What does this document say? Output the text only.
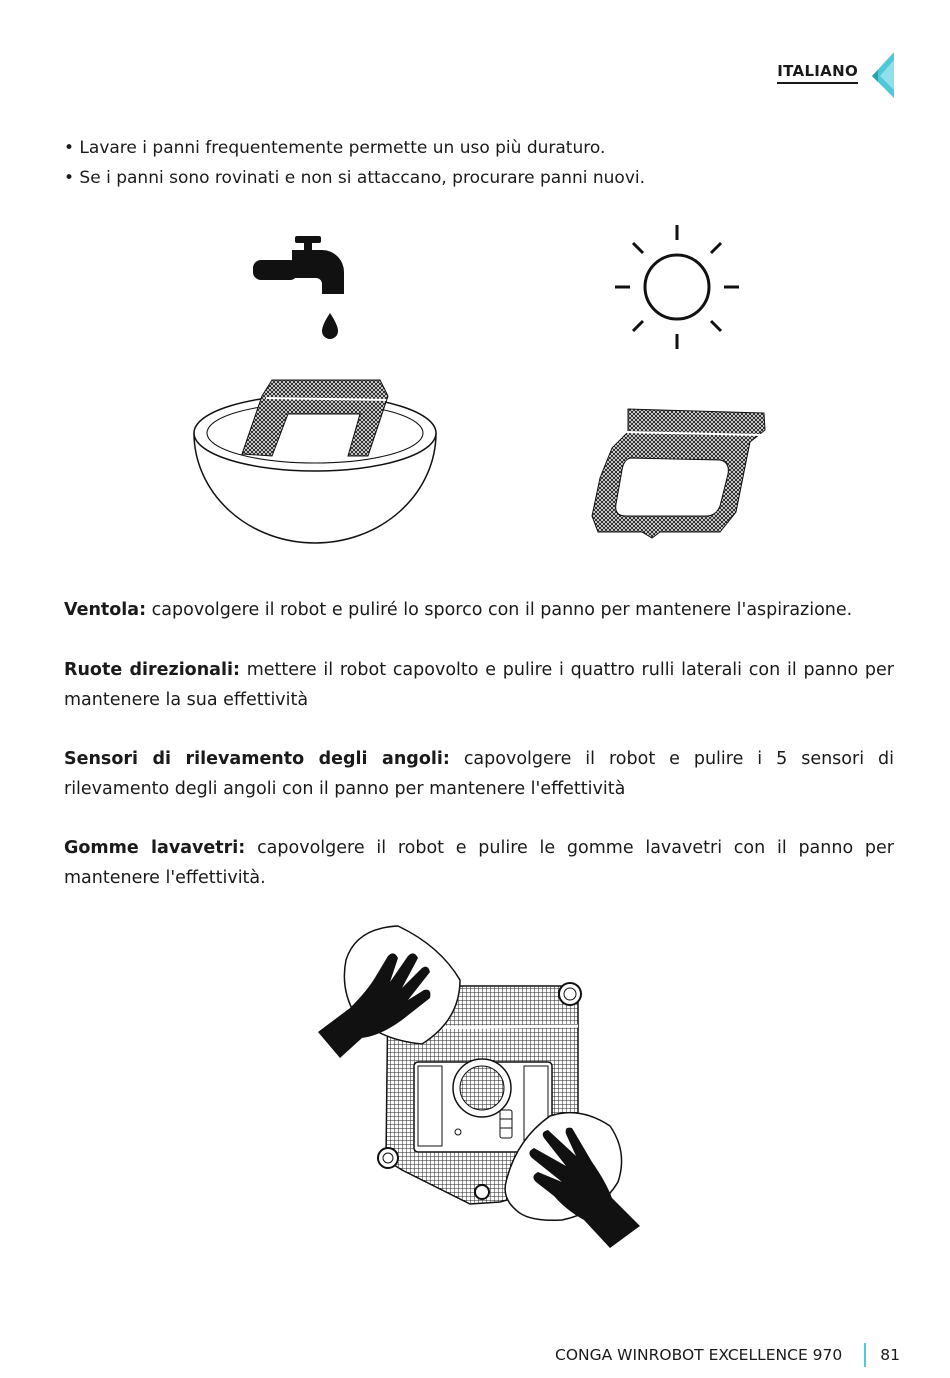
ITALIANO
• Lavare i panni frequentemente permette un uso più duraturo.
• Se i panni sono rovinati e non si attaccano, procurare panni nuovi.
Ventola: capovolgere il robot e puliré lo sporco con il panno per mantenere l'aspirazione.
Ruote direzionali: mettere il robot capovolto e pulire i quattro rulli laterali con il panno per mantenere la sua effettività
Sensori di rilevamento degli angoli: capovolgere il robot e pulire i 5 sensori di rilevamento degli angoli con il panno per mantenere l'effettività
Gomme lavavetri: capovolgere il robot e pulire le gomme lavavetri con il panno per mantenere l'effettività.
CONGA WINROBOT EXCELLENCE 970 81
